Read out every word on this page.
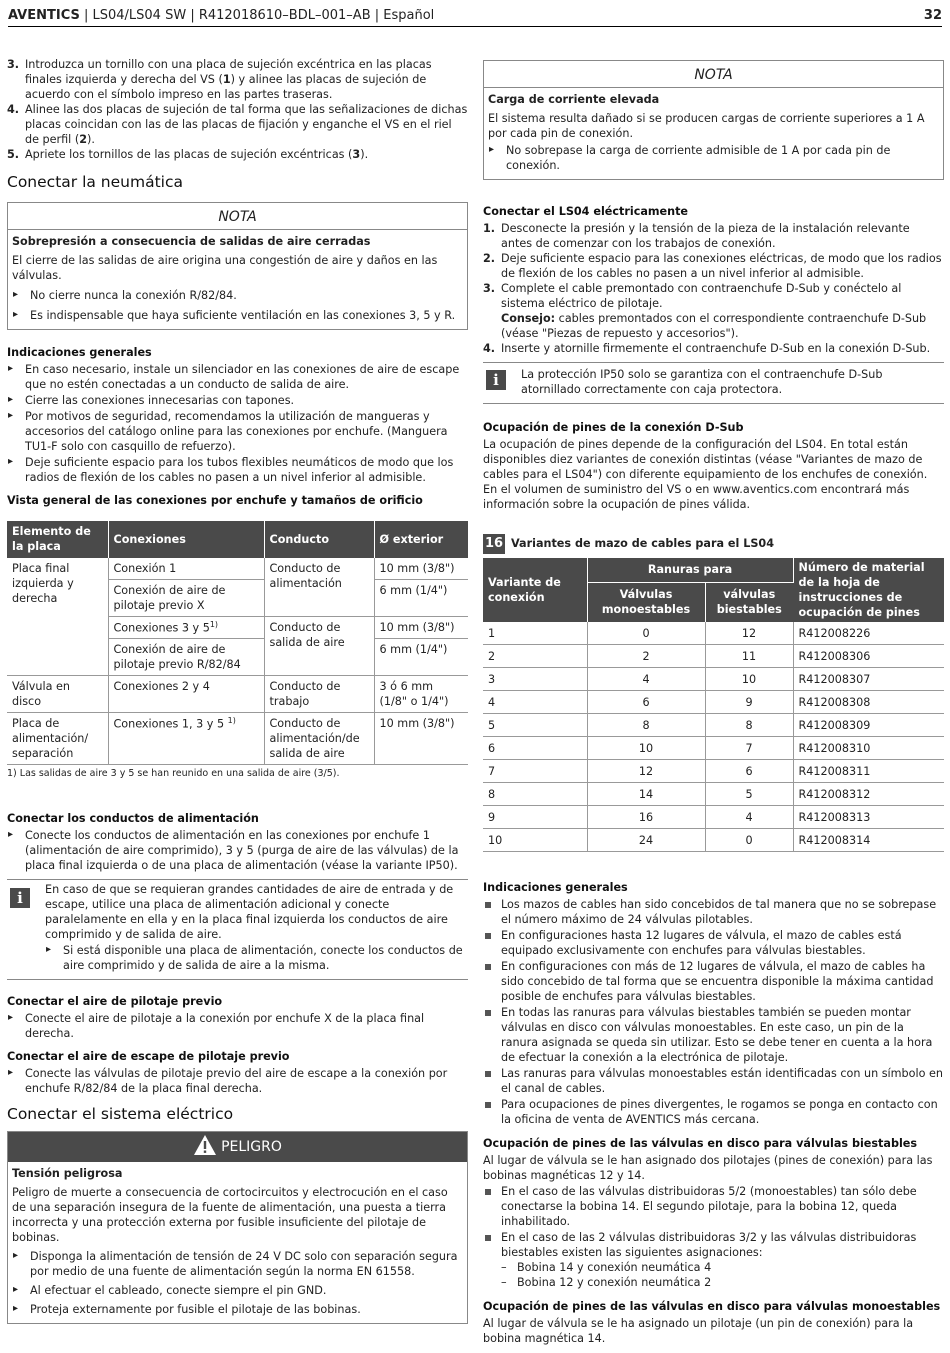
AVENTICS | LS04/LS04 SW | R412018610–BDL–001–AB | Español	32
3. Introduzca un tornillo con una placa de sujeción excéntrica en las placas finales izquierda y derecha del VS (1) y alinee las placas de sujeción de acuerdo con el símbolo impreso en las partes traseras.
4. Alinee las dos placas de sujeción de tal forma que las señalizaciones de dichas placas coincidan con las de las placas de fijación y enganche el VS en el riel de perfil (2).
5. Apriete los tornillos de las placas de sujeción excéntricas (3).
Conectar la neumática
NOTA

Sobrepresión a consecuencia de salidas de aire cerradas

El cierre de las salidas de aire origina una congestión de aire y daños en las válvulas.

▸ No cierre nunca la conexión R/82/84.
▸ Es indispensable que haya suficiente ventilación en las conexiones 3, 5 y R.
Indicaciones generales
▸ En caso necesario, instale un silenciador en las conexiones de aire de escape que no estén conectadas a un conducto de salida de aire.
▸ Cierre las conexiones innecesarias con tapones.
▸ Por motivos de seguridad, recomendamos la utilización de mangueras y accesorios del catálogo online para las conexiones por enchufe. (Manguera TU1-F solo con casquillo de refuerzo).
▸ Deje suficiente espacio para los tubos flexibles neumáticos de modo que los radios de flexión de los cables no pasen a un nivel inferior al admisible.
Vista general de las conexiones por enchufe y tamaños de orificio
Elemento de la placa	Conexiones	Conducto	Ø exterior
Placa final izquierda y derecha	Conexión 1	Conducto de alimentación	10 mm (3/8")
	Conexión de aire de pilotaje previo X		6 mm (1/4")
	Conexiones 3 y 5$^{1)}$	Conducto de salida de aire	10 mm (3/8")
	Conexión de aire de pilotaje previo R/82/84		6 mm (1/4")
Válvula en disco	Conexiones 2 y 4	Conducto de trabajo	3 ó 6 mm (1/8" o 1/4")
Placa de alimentación/ separación	Conexiones 1, 3 y 5 $^{1)}$	Conducto de alimentación/de salida de aire	10 mm (3/8")

1) Las salidas de aire 3 y 5 se han reunido en una salida de aire (3/5).

Conectar los conductos de alimentación
▸ Conecte los conductos de alimentación en las conexiones por enchufe 1 (alimentación de aire comprimido), 3 y 5 (purga de aire de las válvulas) de la placa final izquierda o de una placa de alimentación (véase la variante IP50).
i	En caso de que se requieran grandes cantidades de aire de entrada y de escape, utilice una placa de alimentación adicional y conecte paralelamente en ella y en la placa final izquierda los conductos de aire comprimido y de salida de aire.

▸ Si está disponible una placa de alimentación, conecte los conductos de aire comprimido y de salida de aire a la misma.
Conectar el aire de pilotaje previo
▸ Conecte el aire de pilotaje a la conexión por enchufe X de la placa final derecha.
Conectar el aire de escape de pilotaje previo
▸ Conecte las válvulas de pilotaje previo del aire de escape a la conexión por enchufe R/82/84 de la placa final derecha.
Conectar el sistema eléctrico
PELIGRO

Tensión peligrosa

Peligro de muerte a consecuencia de cortocircuitos y electrocución en el caso de una separación insegura de la fuente de alimentación, una puesta a tierra incorrecta y una protección externa por fusible insuficiente del pilotaje de bobinas.

▸ Disponga la alimentación de tensión de 24 V DC solo con separación segura por medio de una fuente de alimentación según la norma EN 61558.
▸ Al efectuar el cableado, conecte siempre el pin GND.
▸ Proteja externamente por fusible el pilotaje de las bobinas.
NOTA

Carga de corriente elevada

El sistema resulta dañado si se producen cargas de corriente superiores a 1 A por cada pin de conexión.

▸ No sobrepase la carga de corriente admisible de 1 A por cada pin de conexión.
Conectar el LS04 eléctricamente
1. Desconecte la presión y la tensión de la pieza de la instalación relevante antes de comenzar con los trabajos de conexión.
2. Deje suficiente espacio para las conexiones eléctricas, de modo que los radios de flexión de los cables no pasen a un nivel inferior al admisible.
3. Complete el cable premontado con contraenchufe D-Sub y conéctelo al sistema eléctrico de pilotaje.
Consejo: cables premontados con el correspondiente contraenchufe D-Sub (véase "Piezas de repuesto y accesorios").
4. Inserte y atornille firmemente el contraenchufe D-Sub en la conexión D-Sub.
i	La protección IP50 solo se garantiza con el contraenchufe D-Sub atornillado correctamente con caja protectora.

Ocupación de pines de la conexión D-Sub

La ocupación de pines depende de la configuración del LS04. En total están disponibles diez variantes de conexión distintas (véase "Variantes de mazo de cables para el LS04") con diferente equipamiento de los enchufes de conexión.

En el volumen de suministro del VS o en www.aventics.com encontrará más información sobre la ocupación de pines válida.

16 Variantes de mazo de cables para el LS04
Variante de conexión	Ranuras para		Número de material de la hoja de instrucciones de ocupación de pines
	Válvulas monoestables	válvulas biestables	
1	0	12	R412008226
2	2	11	R412008306
3	4	10	R412008307
4	6	9	R412008308
5	8	8	R412008309
6	10	7	R412008310
7	12	6	R412008311
8	14	5	R412008312
9	16	4	R412008313
10	24	0	R412008314
Indicaciones generales
Los mazos de cables han sido concebidos de tal manera que no se sobrepase el número máximo de 24 válvulas pilotables.
En configuraciones hasta 12 lugares de válvula, el mazo de cables está equipado exclusivamente con enchufes para válvulas biestables.
En configuraciones con más de 12 lugares de válvula, el mazo de cables ha sido concebido de tal forma que se encuentra disponible la máxima cantidad posible de enchufes para válvulas biestables.
En todas las ranuras para válvulas biestables también se pueden montar válvulas en disco con válvulas monoestables. En este caso, un pin de la ranura asignada se queda sin utilizar. Esto se debe tener en cuenta a la hora de efectuar la conexión a la electrónica de pilotaje.
Las ranuras para válvulas monoestables están identificadas con un símbolo en el canal de cables.
Para ocupaciones de pines divergentes, le rogamos se ponga en contacto con la oficina de venta de AVENTICS más cercana.
Ocupación de pines de las válvulas en disco para válvulas biestables

Al lugar de válvula se le han asignado dos pilotajes (pines de conexión) para las bobinas magnéticas 12 y 14.

En el caso de las válvulas distribuidoras 5/2 (monoestables) tan sólo debe conectarse la bobina 14. El segundo pilotaje, para la bobina 12, queda inhabilitado.
En el caso de las 2 válvulas distribuidoras 3/2 y las válvulas distribuidoras biestables existen las siguientes asignaciones:
– Bobina 14 y conexión neumática 4
– Bobina 12 y conexión neumática 2
Ocupación de pines de las válvulas en disco para válvulas monoestables

Al lugar de válvula se le ha asignado un pilotaje (un pin de conexión) para la bobina magnética 14.
